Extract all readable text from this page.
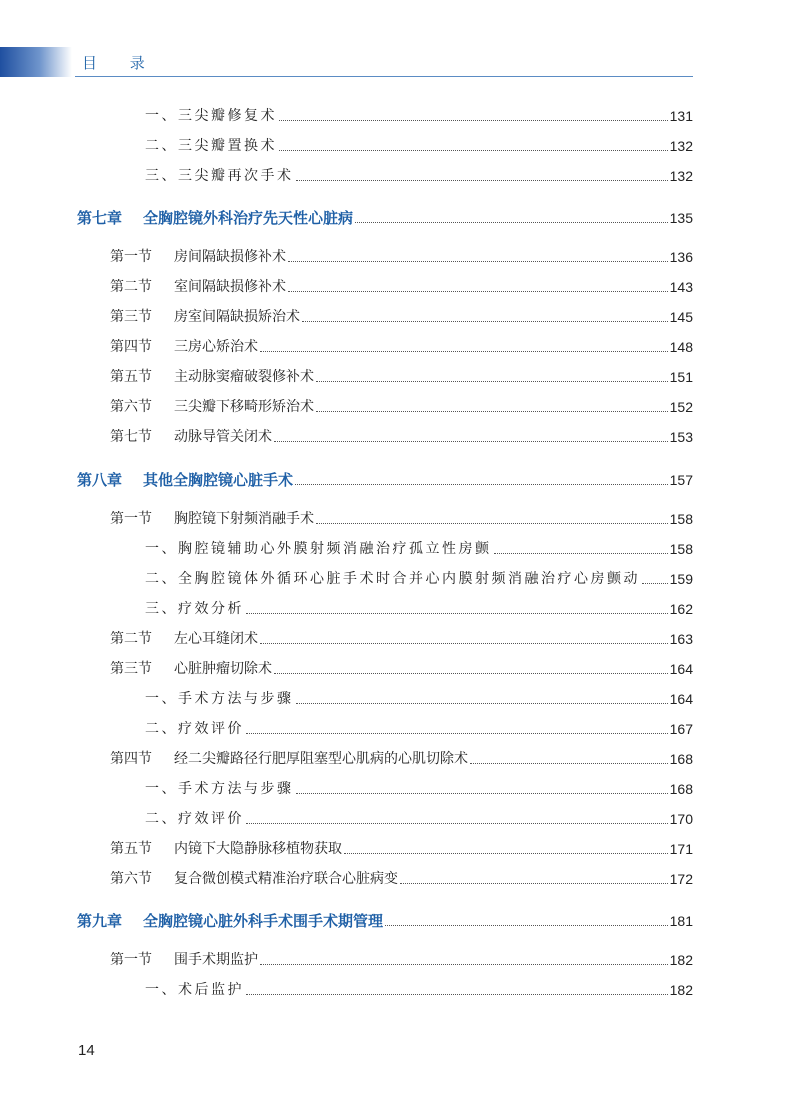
目 录
一、三尖瓣修复术	131
二、三尖瓣置换术	132
三、三尖瓣再次手术	132
第七章 全胸腔镜外科治疗先天性心脏病	135
第一节 房间隔缺损修补术	136
第二节 室间隔缺损修补术	143
第三节 房室间隔缺损矫治术	145
第四节 三房心矫治术	148
第五节 主动脉窦瘤破裂修补术	151
第六节 三尖瓣下移畸形矫治术	152
第七节 动脉导管关闭术	153
第八章 其他全胸腔镜心脏手术	157
第一节 胸腔镜下射频消融手术	158
一、胸腔镜辅助心外膜射频消融治疗孤立性房颤	158
二、全胸腔镜体外循环心脏手术时合并心内膜射频消融治疗心房颤动 159
三、疗效分析	162
第二节 左心耳缝闭术	163
第三节 心脏肿瘤切除术	164
一、手术方法与步骤	164
二、疗效评价	167
第四节 经二尖瓣路径行肥厚阻塞型心肌病的心肌切除术	168
一、手术方法与步骤	168
二、疗效评价	170
第五节 内镜下大隐静脉移植物获取	171
第六节 复合微创模式精准治疗联合心脏病变	172
第九章 全胸腔镜心脏外科手术围手术期管理	181
第一节 围手术期监护	182
一、术后监护	182
14
